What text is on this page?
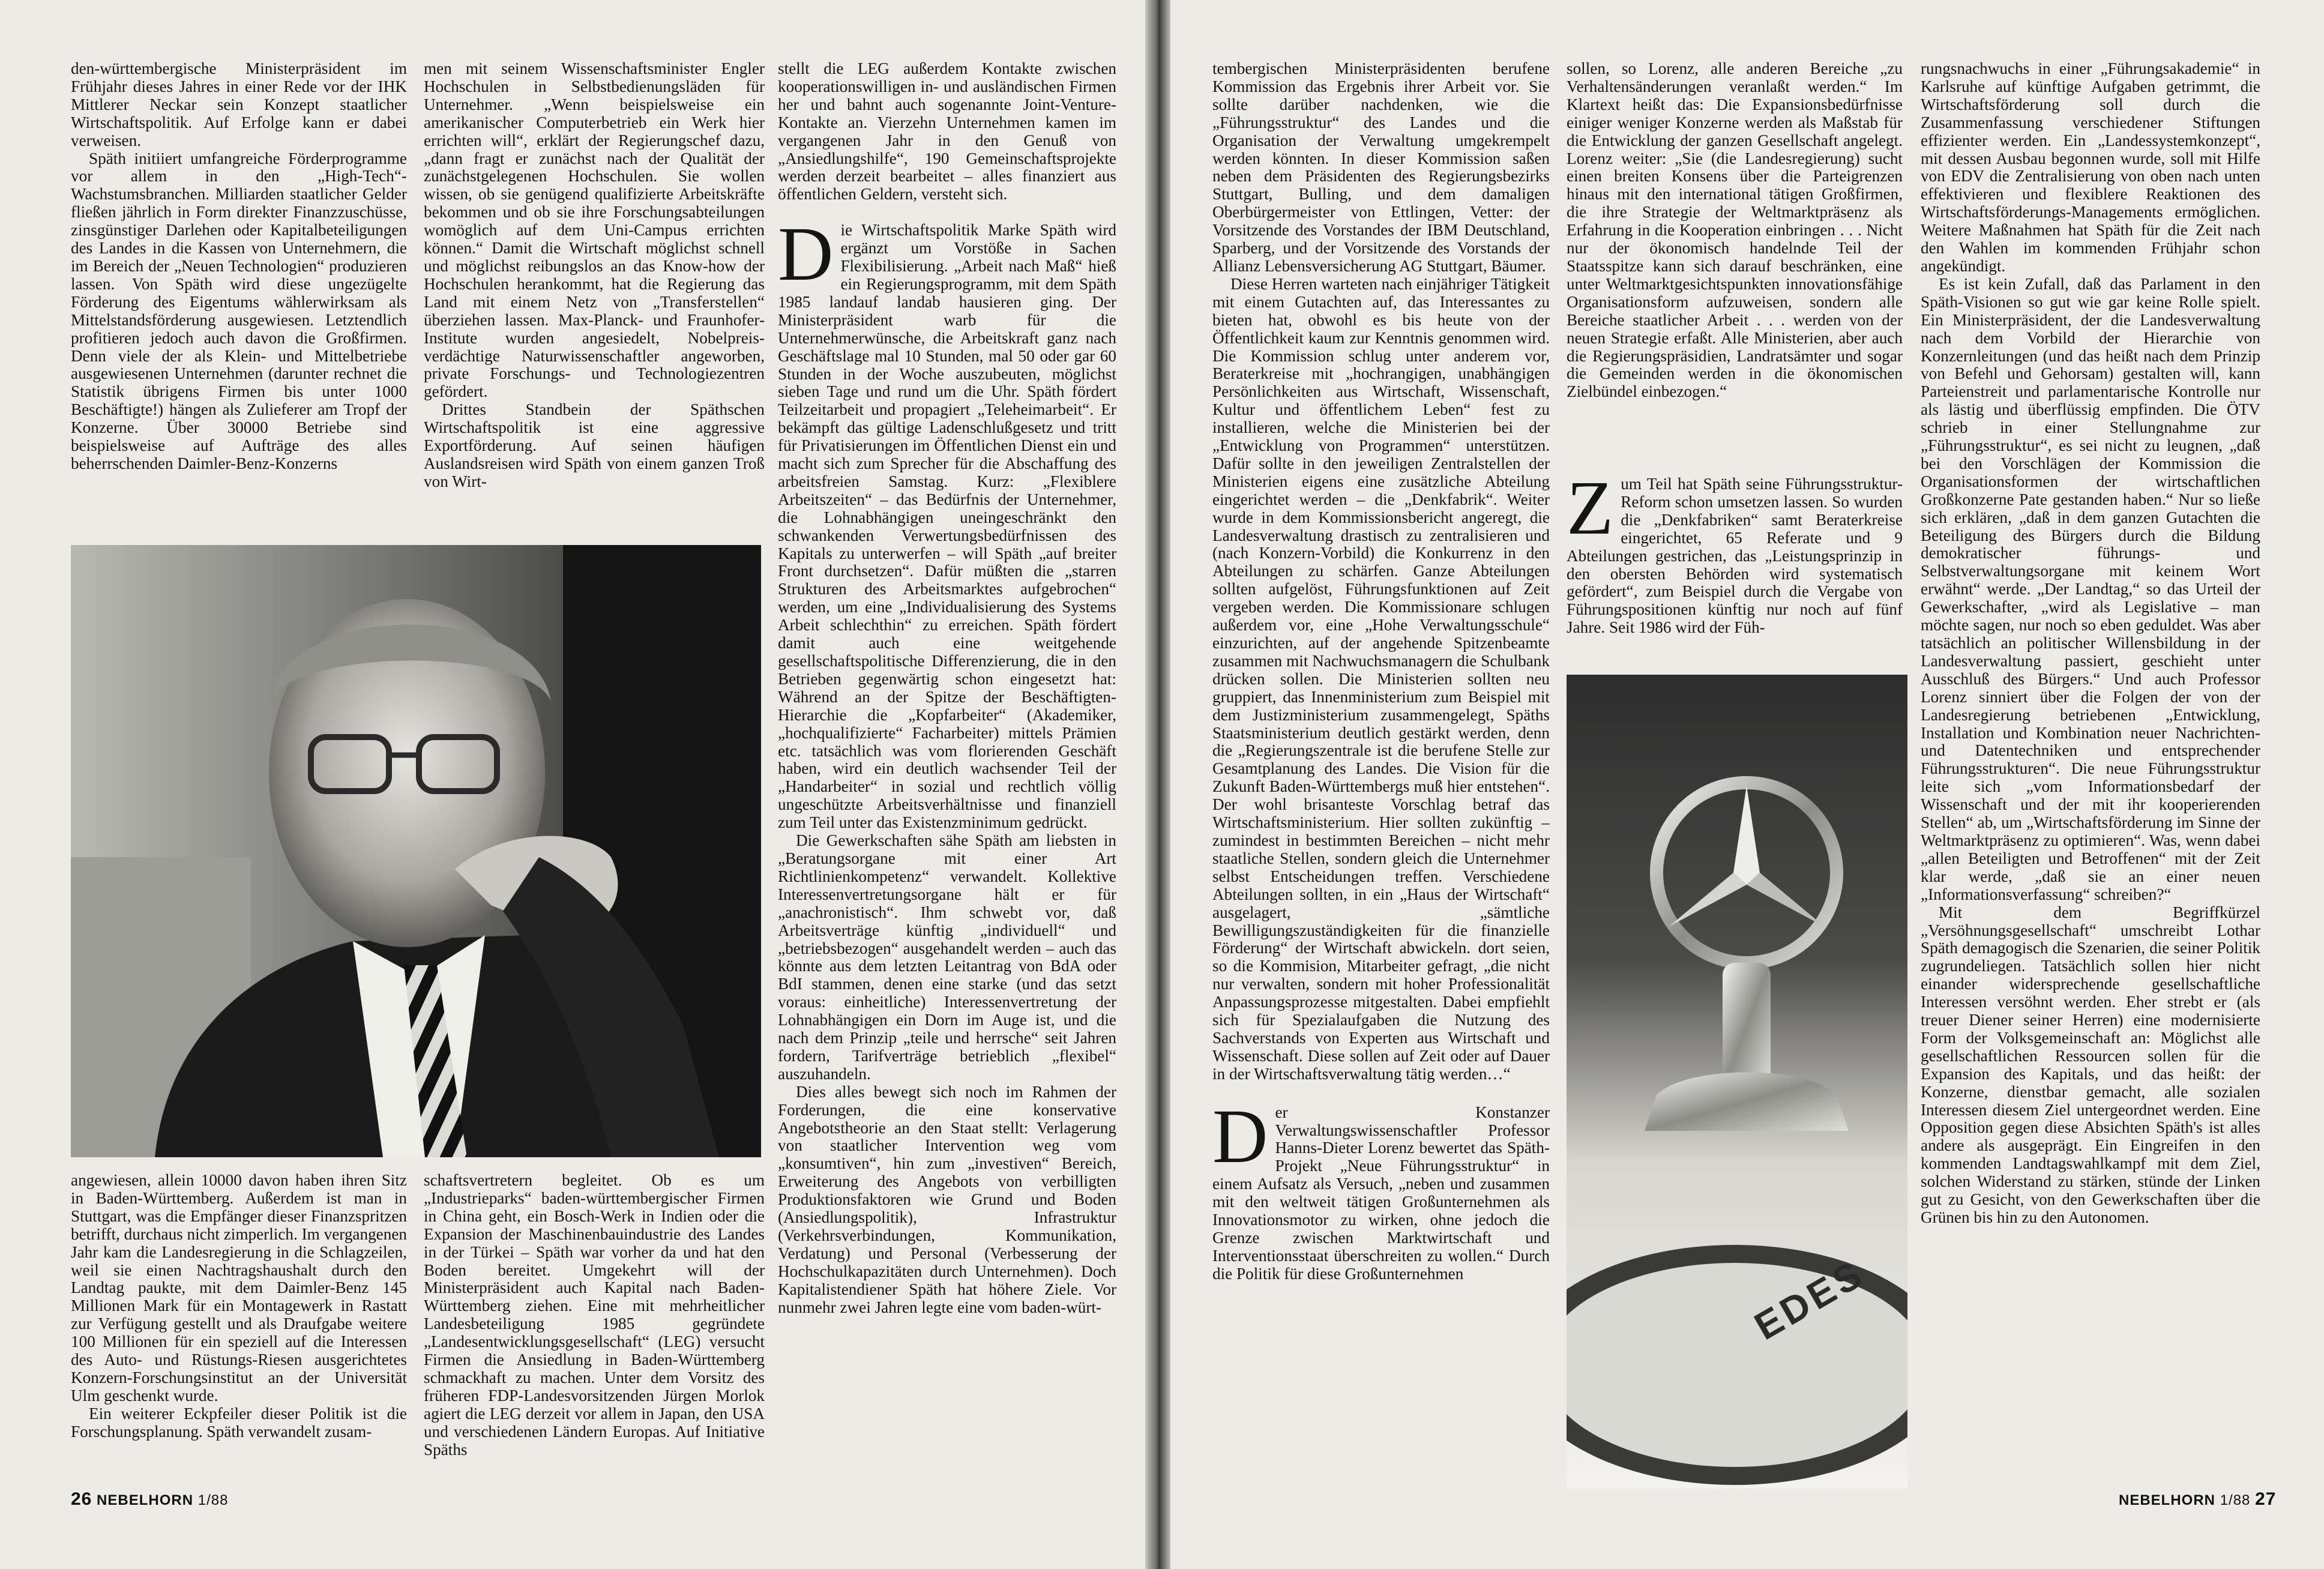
den-württembergische Ministerpräsident im Frühjahr dieses Jahres in einer Rede vor der IHK Mittlerer Neckar sein Konzept staatlicher Wirtschaftspolitik. Auf Erfolge kann er dabei verweisen.

Späth initiiert umfangreiche Förderprogramme vor allem in den „High-Tech“-Wachstumsbranchen. Milliarden staatlicher Gelder fließen jährlich in Form direkter Finanzzuschüsse, zinsgünstiger Darlehen oder Kapitalbeteiligungen des Landes in die Kassen von Unternehmern, die im Bereich der „Neuen Technologien“ produzieren lassen. Von Späth wird diese ungezügelte Förderung des Eigentums wählerwirksam als Mittelstandsförderung ausgewiesen. Letztendlich profitieren jedoch auch davon die Großfirmen. Denn viele der als Klein- und Mittelbetriebe ausgewiesenen Unternehmen (darunter rechnet die Statistik übrigens Firmen bis unter 1000 Beschäftigte!) hängen als Zulieferer am Tropf der Konzerne. Über 30000 Betriebe sind beispielsweise auf Aufträge des alles beherrschenden Daimler-Benz-Konzerns

men mit seinem Wissenschaftsminister Engler Hochschulen in Selbstbedienungsläden für Unternehmer. „Wenn beispielsweise ein amerikanischer Computerbetrieb ein Werk hier errichten will“, erklärt der Regierungschef dazu, „dann fragt er zunächst nach der Qualität der zunächstgelegenen Hochschulen. Sie wollen wissen, ob sie genügend qualifizierte Arbeitskräfte bekommen und ob sie ihre Forschungsabteilungen womöglich auf dem Uni-Campus errichten können.“ Damit die Wirtschaft möglichst schnell und möglichst reibungslos an das Know-how der Hochschulen herankommt, hat die Regierung das Land mit einem Netz von „Transferstellen“ überziehen lassen. Max-Planck- und Fraunhofer-Institute wurden angesiedelt, Nobelpreis-verdächtige Naturwissenschaftler angeworben, private Forschungs- und Technologiezentren gefördert.

Drittes Standbein der Späthschen Wirtschaftspolitik ist eine aggressive Exportförderung. Auf seinen häufigen Auslandsreisen wird Späth von einem ganzen Troß von Wirt-

angewiesen, allein 10000 davon haben ihren Sitz in Baden-Württemberg. Außerdem ist man in Stuttgart, was die Empfänger dieser Finanzspritzen betrifft, durchaus nicht zimperlich. Im vergangenen Jahr kam die Landesregierung in die Schlagzeilen, weil sie einen Nachtragshaushalt durch den Landtag paukte, mit dem Daimler-Benz 145 Millionen Mark für ein Montagewerk in Rastatt zur Verfügung gestellt und als Draufgabe weitere 100 Millionen für ein speziell auf die Interessen des Auto- und Rüstungs-Riesen ausgerichtetes Konzern-Forschungsinstitut an der Universität Ulm geschenkt wurde.

Ein weiterer Eckpfeiler dieser Politik ist die Forschungsplanung. Späth verwandelt zusam-

schaftsvertretern begleitet. Ob es um „Industrieparks“ baden-württembergischer Firmen in China geht, ein Bosch-Werk in Indien oder die Expansion der Maschinenbauindustrie des Landes in der Türkei – Späth war vorher da und hat den Boden bereitet. Umgekehrt will der Ministerpräsident auch Kapital nach Baden-Württemberg ziehen. Eine mit mehrheitlicher Landesbeteiligung 1985 gegründete „Landesentwicklungsgesellschaft“ (LEG) versucht Firmen die Ansiedlung in Baden-Württemberg schmackhaft zu machen. Unter dem Vorsitz des früheren FDP-Landesvorsitzenden Jürgen Morlok agiert die LEG derzeit vor allem in Japan, den USA und verschiedenen Ländern Europas. Auf Initiative Späths

stellt die LEG außerdem Kontakte zwischen kooperationswilligen in- und ausländischen Firmen her und bahnt auch sogenannte Joint-Venture-Kontakte an. Vierzehn Unternehmen kamen im vergangenen Jahr in den Genuß von „Ansiedlungshilfe“, 190 Gemeinschaftsprojekte werden derzeit bearbeitet – alles finanziert aus öffentlichen Geldern, versteht sich.

Die Wirtschaftspolitik Marke Späth wird ergänzt um Vorstöße in Sachen Flexibilisierung. „Arbeit nach Maß“ hieß ein Regierungsprogramm, mit dem Späth 1985 landauf landab hausieren ging. Der Ministerpräsident warb für die Unternehmerwünsche, die Arbeitskraft ganz nach Geschäftslage mal 10 Stunden, mal 50 oder gar 60 Stunden in der Woche auszubeuten, möglichst sieben Tage und rund um die Uhr. Späth fördert Teilzeitarbeit und propagiert „Teleheimarbeit“. Er bekämpft das gültige Ladenschlußgesetz und tritt für Privatisierungen im Öffentlichen Dienst ein und macht sich zum Sprecher für die Abschaffung des arbeitsfreien Samstag. Kurz: „Flexiblere Arbeitszeiten“ – das Bedürfnis der Unternehmer, die Lohnabhängigen uneingeschränkt den schwankenden Verwertungsbedürfnissen des Kapitals zu unterwerfen – will Späth „auf breiter Front durchsetzen“. Dafür müßten die „starren Strukturen des Arbeitsmarktes aufgebrochen“ werden, um eine „Individualisierung des Systems Arbeit schlechthin“ zu erreichen. Späth fördert damit auch eine weitgehende gesellschaftspolitische Differenzierung, die in den Betrieben gegenwärtig schon eingesetzt hat: Während an der Spitze der Beschäftigten-Hierarchie die „Kopfarbeiter“ (Akademiker, „hochqualifizierte“ Facharbeiter) mittels Prämien etc. tatsächlich was vom florierenden Geschäft haben, wird ein deutlich wachsender Teil der „Handarbeiter“ in sozial und rechtlich völlig ungeschützte Arbeitsverhältnisse und finanziell zum Teil unter das Existenzminimum gedrückt.

Die Gewerkschaften sähe Späth am liebsten in „Beratungsorgane mit einer Art Richtlinienkompetenz“ verwandelt. Kollektive Interessenvertretungsorgane hält er für „anachronistisch“. Ihm schwebt vor, daß Arbeitsverträge künftig „individuell“ und „betriebsbezogen“ ausgehandelt werden – auch das könnte aus dem letzten Leitantrag von BdA oder BdI stammen, denen eine starke (und das setzt voraus: einheitliche) Interessenvertretung der Lohnabhängigen ein Dorn im Auge ist, und die nach dem Prinzip „teile und herrsche“ seit Jahren fordern, Tarifverträge betrieblich „flexibel“ auszuhandeln.

Dies alles bewegt sich noch im Rahmen der Forderungen, die eine konservative Angebotstheorie an den Staat stellt: Verlagerung von staatlicher Intervention weg vom „konsumtiven“, hin zum „investiven“ Bereich, Erweiterung des Angebots von verbilligten Produktionsfaktoren wie Grund und Boden (Ansiedlungspolitik), Infrastruktur (Verkehrsverbindungen, Kommunikation, Verdatung) und Personal (Verbesserung der Hochschulkapazitäten durch Unternehmen). Doch Kapitalistendiener Späth hat höhere Ziele. Vor nunmehr zwei Jahren legte eine vom baden-würt-

26 NEBELHORN 1/88

tembergischen Ministerpräsidenten berufene Kommission das Ergebnis ihrer Arbeit vor. Sie sollte darüber nachdenken, wie die „Führungsstruktur“ des Landes und die Organisation der Verwaltung umgekrempelt werden könnten. In dieser Kommission saßen neben dem Präsidenten des Regierungsbezirks Stuttgart, Bulling, und dem damaligen Oberbürgermeister von Ettlingen, Vetter: der Vorsitzende des Vorstandes der IBM Deutschland, Sparberg, und der Vorsitzende des Vorstands der Allianz Lebensversicherung AG Stuttgart, Bäumer.

Diese Herren warteten nach einjähriger Tätigkeit mit einem Gutachten auf, das Interessantes zu bieten hat, obwohl es bis heute von der Öffentlichkeit kaum zur Kenntnis genommen wird. Die Kommission schlug unter anderem vor, Beraterkreise mit „hochrangigen, unabhängigen Persönlichkeiten aus Wirtschaft, Wissenschaft, Kultur und öffentlichem Leben“ fest zu installieren, welche die Ministerien bei der „Entwicklung von Programmen“ unterstützen. Dafür sollte in den jeweiligen Zentralstellen der Ministerien eigens eine zusätzliche Abteilung eingerichtet werden – die „Denkfabrik“. Weiter wurde in dem Kommissionsbericht angeregt, die Landesverwaltung drastisch zu zentralisieren und (nach Konzern-Vorbild) die Konkurrenz in den Abteilungen zu schärfen. Ganze Abteilungen sollten aufgelöst, Führungsfunktionen auf Zeit vergeben werden. Die Kommissionare schlugen außerdem vor, eine „Hohe Verwaltungsschule“ einzurichten, auf der angehende Spitzenbeamte zusammen mit Nachwuchsmanagern die Schulbank drücken sollen. Die Ministerien sollten neu gruppiert, das Innenministerium zum Beispiel mit dem Justizministerium zusammengelegt, Späths Staatsministerium deutlich gestärkt werden, denn die „Regierungszentrale ist die berufene Stelle zur Gesamtplanung des Landes. Die Vision für die Zukunft Baden-Württembergs muß hier entstehen“. Der wohl brisanteste Vorschlag betraf das Wirtschaftsministerium. Hier sollten zukünftig – zumindest in bestimmten Bereichen – nicht mehr staatliche Stellen, sondern gleich die Unternehmer selbst Entscheidungen treffen. Verschiedene Abteilungen sollten, in ein „Haus der Wirtschaft“ ausgelagert, „sämtliche Bewilligungszuständigkeiten für die finanzielle Förderung“ der Wirtschaft abwickeln. dort seien, so die Kommision, Mitarbeiter gefragt, „die nicht nur verwalten, sondern mit hoher Professionalität Anpassungsprozesse mitgestalten. Dabei empfiehlt sich für Spezialaufgaben die Nutzung des Sachverstands von Experten aus Wirtschaft und Wissenschaft. Diese sollen auf Zeit oder auf Dauer in der Wirtschaftsverwaltung tätig werden…“

Der Konstanzer Verwaltungswissenschaftler Professor Hanns-Dieter Lorenz bewertet das Späth-Projekt „Neue Führungsstruktur“ in einem Aufsatz als Versuch, „neben und zusammen mit den weltweit tätigen Großunternehmen als Innovationsmotor zu wirken, ohne jedoch die Grenze zwischen Marktwirtschaft und Interventionsstaat überschreiten zu wollen.“ Durch die Politik für diese Großunternehmen

sollen, so Lorenz, alle anderen Bereiche „zu Verhaltensänderungen veranlaßt werden.“ Im Klartext heißt das: Die Expansionsbedürfnisse einiger weniger Konzerne werden als Maßstab für die Entwicklung der ganzen Gesellschaft angelegt. Lorenz weiter: „Sie (die Landesregierung) sucht einen breiten Konsens über die Parteigrenzen hinaus mit den international tätigen Großfirmen, die ihre Strategie der Weltmarktpräsenz als Erfahrung in die Kooperation einbringen . . . Nicht nur der ökonomisch handelnde Teil der Staatsspitze kann sich darauf beschränken, eine unter Weltmarktgesichtspunkten innovationsfähige Organisationsform aufzuweisen, sondern alle Bereiche staatlicher Arbeit . . . werden von der neuen Strategie erfaßt. Alle Ministerien, aber auch die Regierungspräsidien, Landratsämter und sogar die Gemeinden werden in die ökonomischen Zielbündel einbezogen.“

Zum Teil hat Späth seine Führungsstruktur-Reform schon umsetzen lassen. So wurden die „Denkfabriken“ samt Beraterkreise eingerichtet, 65 Referate und 9 Abteilungen gestrichen, das „Leistungsprinzip in den obersten Behörden wird systematisch gefördert“, zum Beispiel durch die Vergabe von Führungspositionen künftig nur noch auf fünf Jahre. Seit 1986 wird der Füh-

EDES

rungsnachwuchs in einer „Führungsakademie“ in Karlsruhe auf künftige Aufgaben getrimmt, die Wirtschaftsförderung soll durch die Zusammenfassung verschiedener Stiftungen effizienter werden. Ein „Landessystemkonzept“, mit dessen Ausbau begonnen wurde, soll mit Hilfe von EDV die Zentralisierung von oben nach unten effektivieren und flexiblere Reaktionen des Wirtschaftsförderungs-Managements ermöglichen. Weitere Maßnahmen hat Späth für die Zeit nach den Wahlen im kommenden Frühjahr schon angekündigt.

Es ist kein Zufall, daß das Parlament in den Späth-Visionen so gut wie gar keine Rolle spielt. Ein Ministerpräsident, der die Landesverwaltung nach dem Vorbild der Hierarchie von Konzernleitungen (und das heißt nach dem Prinzip von Befehl und Gehorsam) gestalten will, kann Parteienstreit und parlamentarische Kontrolle nur als lästig und überflüssig empfinden. Die ÖTV schrieb in einer Stellungnahme zur „Führungsstruktur“, es sei nicht zu leugnen, „daß bei den Vorschlägen der Kommission die Organisationsformen der wirtschaftlichen Großkonzerne Pate gestanden haben.“ Nur so ließe sich erklären, „daß in dem ganzen Gutachten die Beteiligung des Bürgers durch die Bildung demokratischer führungs- und Selbstverwaltungsorgane mit keinem Wort erwähnt“ werde. „Der Landtag,“ so das Urteil der Gewerkschafter, „wird als Legislative – man möchte sagen, nur noch so eben geduldet. Was aber tatsächlich an politischer Willensbildung in der Landesverwaltung passiert, geschieht unter Ausschluß des Bürgers.“ Und auch Professor Lorenz sinniert über die Folgen der von der Landesregierung betriebenen „Entwicklung, Installation und Kombination neuer Nachrichten- und Datentechniken und entsprechender Führungsstrukturen“. Die neue Führungsstruktur leite sich „vom Informationsbedarf der Wissenschaft und der mit ihr kooperierenden Stellen“ ab, um „Wirtschaftsförderung im Sinne der Weltmarktpräsenz zu optimieren“. Was, wenn dabei „allen Beteiligten und Betroffenen“ mit der Zeit klar werde, „daß sie an einer neuen „Informationsverfassung“ schreiben?“

Mit dem Begriffkürzel „Versöhnungsgesellschaft“ umschreibt Lothar Späth demagogisch die Szenarien, die seiner Politik zugrundeliegen. Tatsächlich sollen hier nicht einander widersprechende gesellschaftliche Interessen versöhnt werden. Eher strebt er (als treuer Diener seiner Herren) eine modernisierte Form der Volksgemeinschaft an: Möglichst alle gesellschaftlichen Ressourcen sollen für die Expansion des Kapitals, und das heißt: der Konzerne, dienstbar gemacht, alle sozialen Interessen diesem Ziel untergeordnet werden. Eine Opposition gegen diese Absichten Späth's ist alles andere als ausgeprägt. Ein Eingreifen in den kommenden Landtagswahlkampf mit dem Ziel, solchen Widerstand zu stärken, stündе der Linken gut zu Gesicht, von den Gewerkschaften über die Grünen bis hin zu den Autonomen.

NEBELHORN 1/88 27
